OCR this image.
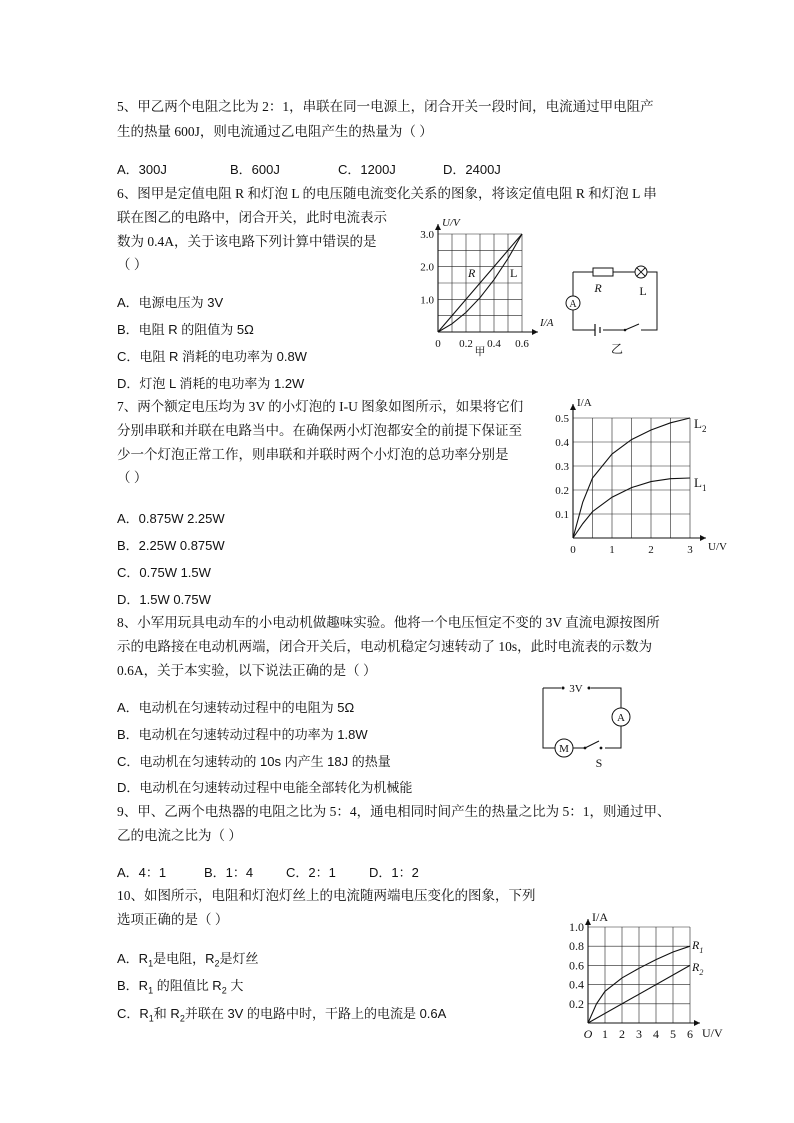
5、甲乙两个电阻之比为 2：1，串联在同一电源上，闭合开关一段时间，电流通过甲电阻产
生的热量 600J，则电流通过乙电阻产生的热量为（ ）
A．300J	B．600J	C．1200J	D．2400J
6、图甲是定值电阻 R 和灯泡 L 的电压随电流变化关系的图象，将该定值电阻 R 和灯泡 L 串
联在图乙的电路中，闭合开关，此时电流表示
数为 0.4A，关于该电路下列计算中错误的是
（ ）
A．电源电压为 3V
B．电阻 R 的阻值为 5Ω
C．电阻 R 消耗的电功率为 0.8W
D．灯泡 L 消耗的电功率为 1.2W
0 0.2 0.4 0.6
1.0
2.0
3.0
U/V
I/A
R	L
甲
A
R	L
乙
7、两个额定电压均为 3V 的小灯泡的 I-U 图象如图所示，如果将它们
分别串联和并联在电路当中。在确保两小灯泡都安全的前提下保证至
少一个灯泡正常工作，则串联和并联时两个小灯泡的总功率分别是
（ ）
A．0.875W 2.25W
B．2.25W 0.875W
C．0.75W 1.5W
D．1.5W 0.75W
0	1	2	3
0.1
0.2
0.3
0.4
0.5
I/A
U/V
$L_2$
$L_1$
8、小军用玩具电动车的小电动机做趣味实验。他将一个电压恒定不变的 3V 直流电源按图所
示的电路接在电动机两端，闭合开关后，电动机稳定匀速转动了 10s，此时电流表的示数为
0.6A，关于本实验，以下说法正确的是（ ）
A．电动机在匀速转动过程中的电阻为 5Ω
B．电动机在匀速转动过程中的功率为 1.8W
C．电动机在匀速转动的 10s 内产生 18J 的热量
D．电动机在匀速转动过程中电能全部转化为机械能
3V
A
M
S
9、甲、乙两个电热器的电阻之比为 5：4，通电相同时间产生的热量之比为 5：1，则通过甲、
乙的电流之比为（ ）
A．4：1	B．1：4	C．2：1	D．1：2
10、如图所示，电阻和灯泡灯丝上的电流随两端电压变化的图象，下列
选项正确的是（ ）
A．$R_1$是电阻，$R_2$是灯丝
B．$R_1$ 的阻值比 $R_2$ 大
C．$R_1$和 $R_2$并联在 3V 的电路中时，干路上的电流是 0.6A
O 1 2 3 4 5 6
0.2
0.4
0.6
0.8
1.0
I/A
U/V
$R_1$
$R_2$
